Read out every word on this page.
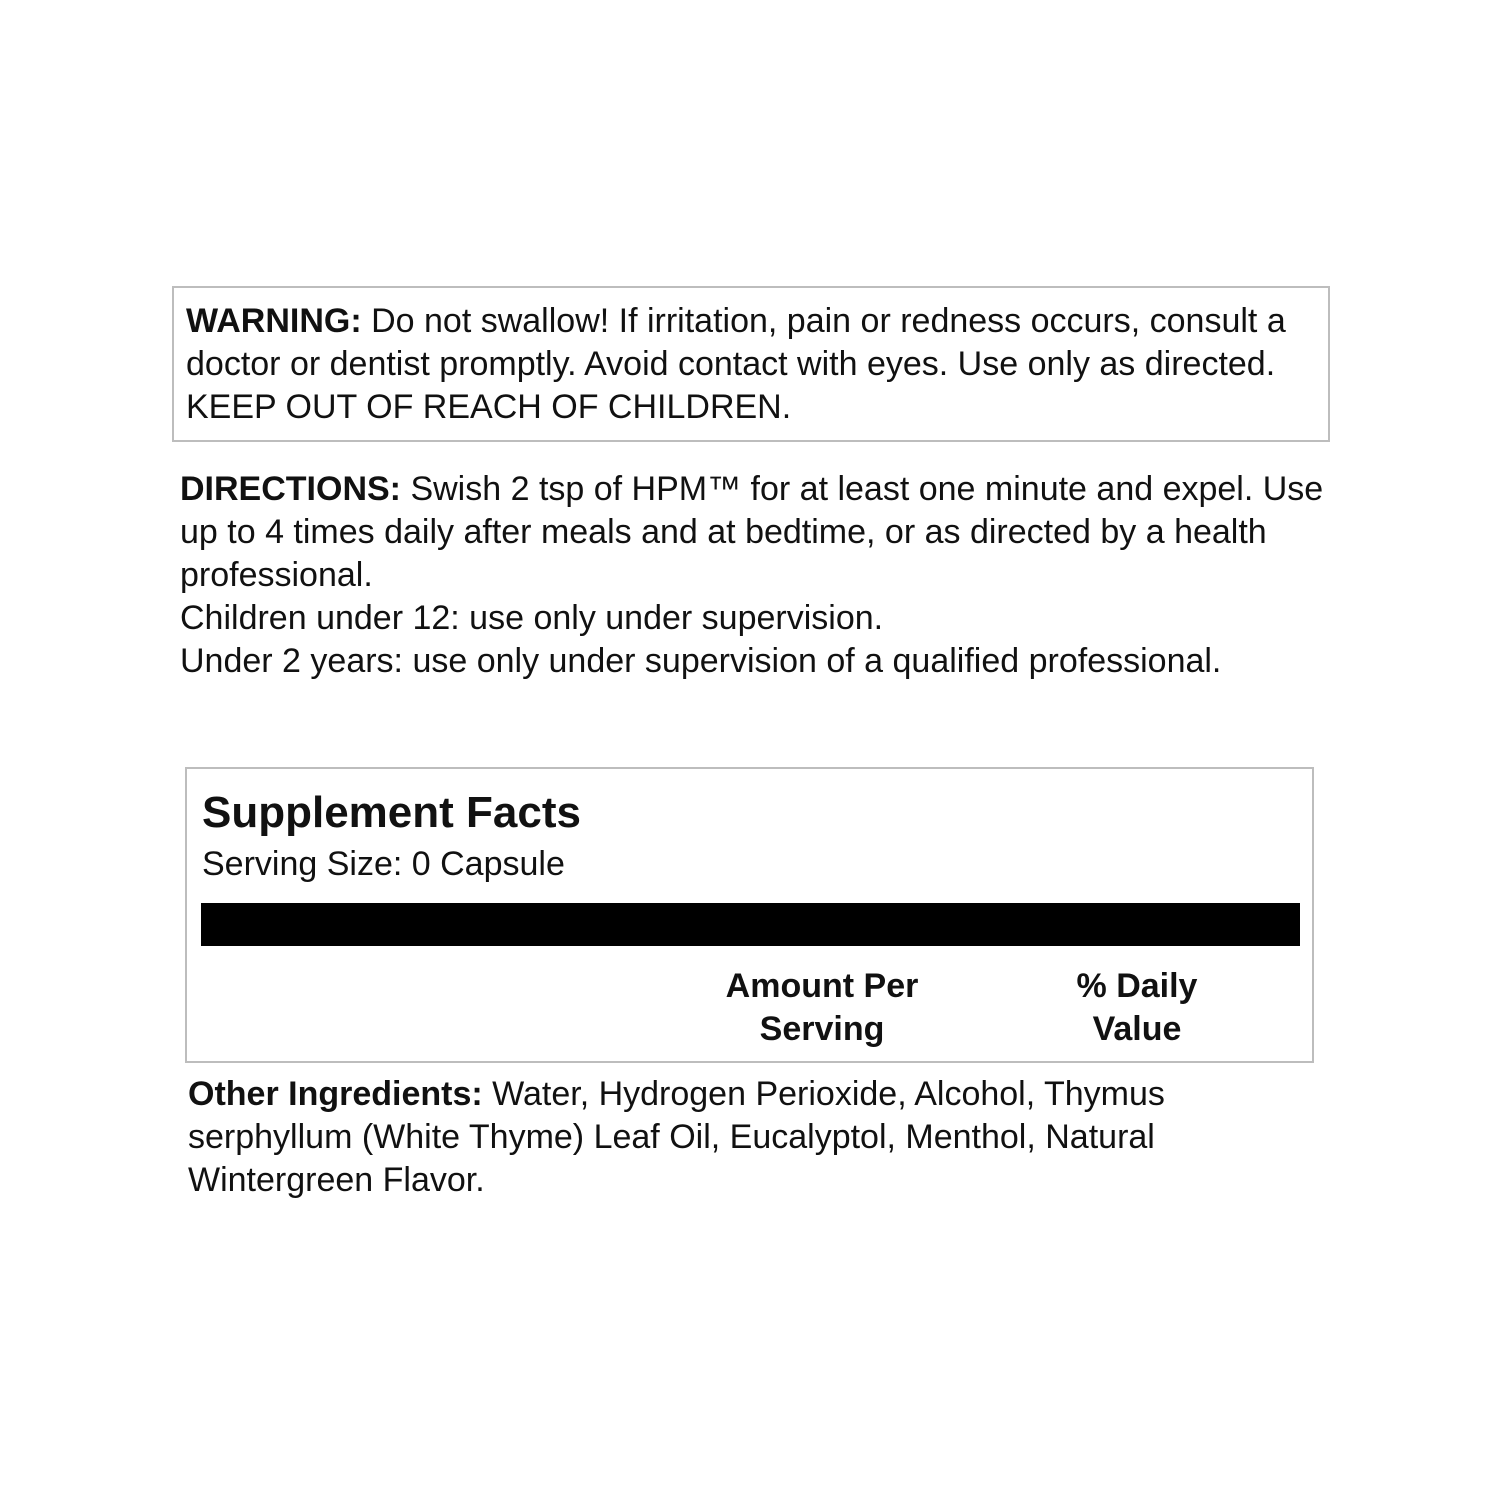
WARNING: Do not swallow! If irritation, pain or redness occurs, consult a doctor or dentist promptly. Avoid contact with eyes. Use only as directed. KEEP OUT OF REACH OF CHILDREN.

DIRECTIONS: Swish 2 tsp of HPM™ for at least one minute and expel. Use up to 4 times daily after meals and at bedtime, or as directed by a health professional.

Children under 12: use only under supervision.

Under 2 years: use only under supervision of a qualified professional.

Supplement Facts
Serving Size: 0 Capsule
Amount Per Serving
% Daily Value
Other Ingredients: Water, Hydrogen Perioxide, Alcohol, Thymus serphyllum (White Thyme) Leaf Oil, Eucalyptol, Menthol, Natural Wintergreen Flavor.
